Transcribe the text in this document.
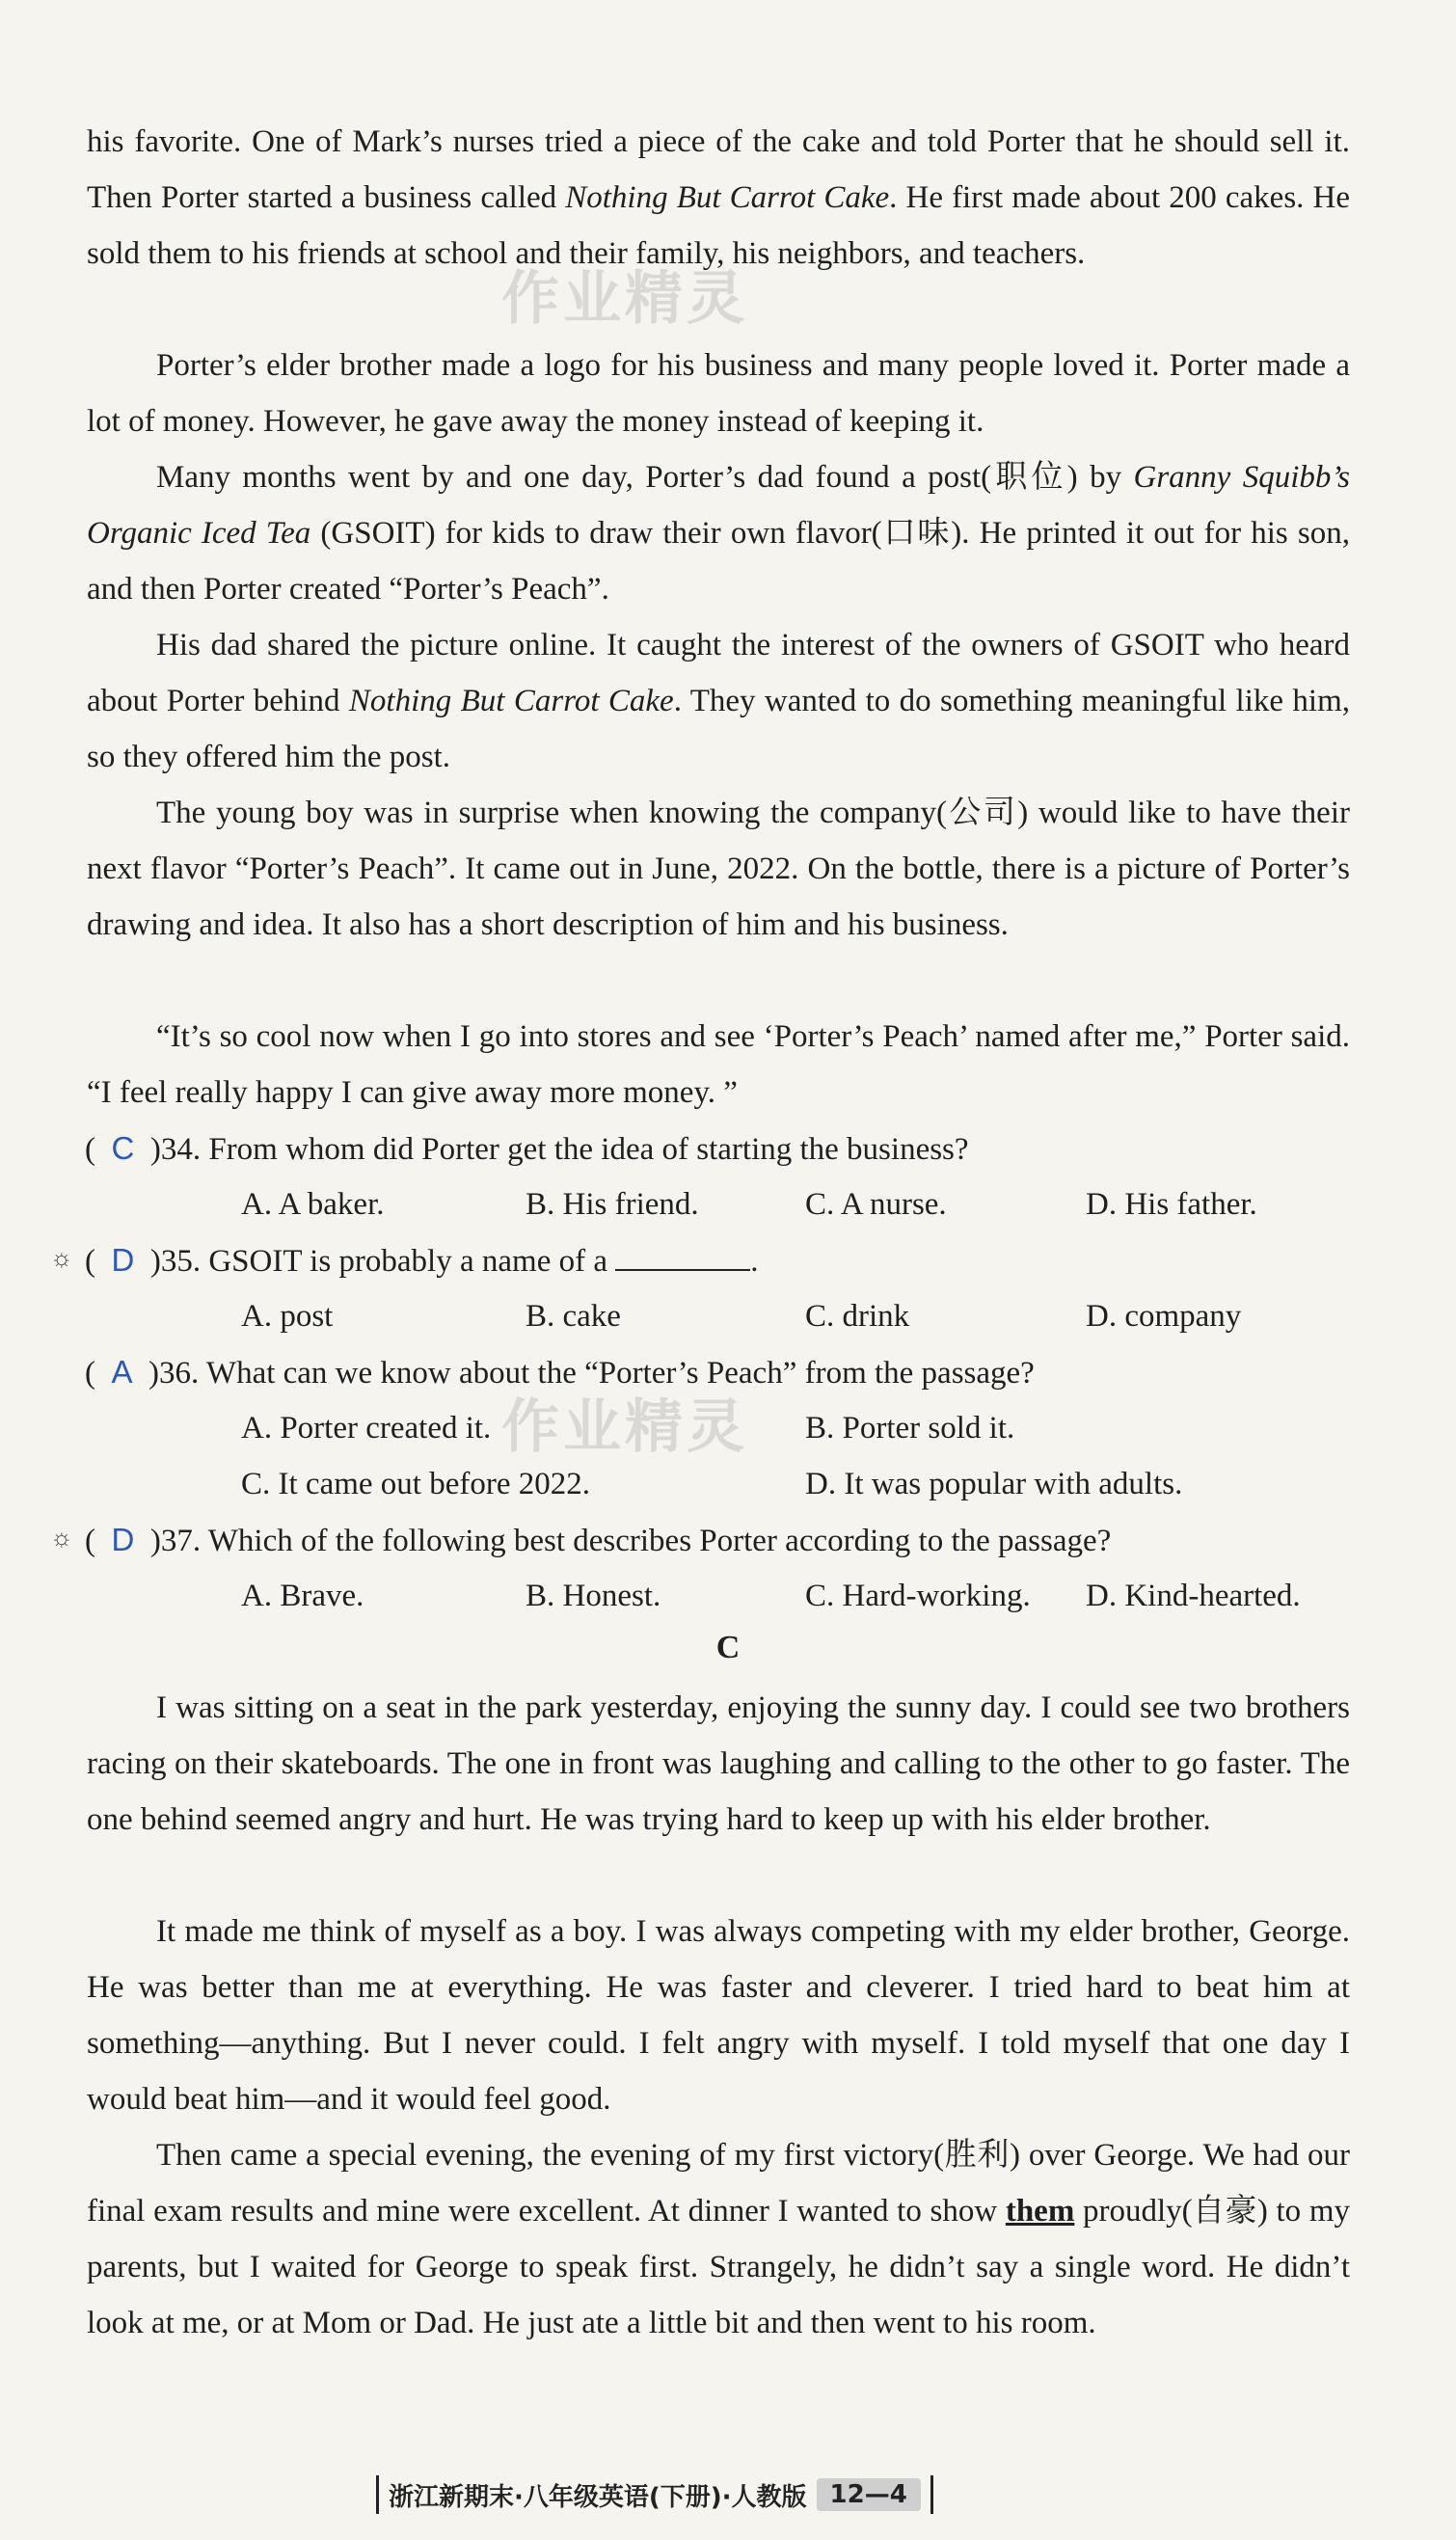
his favorite. One of Mark’s nurses tried a piece of the cake and told Porter that he should sell it. Then Porter started a business called Nothing But Carrot Cake. He first made about 200 cakes. He sold them to his friends at school and their family, his neighbors, and teachers.
Porter’s elder brother made a logo for his business and many people loved it. Porter made a lot of money. However, he gave away the money instead of keeping it.
Many months went by and one day, Porter’s dad found a post(职位) by Granny Squibb’s Organic Iced Tea (GSOIT) for kids to draw their own flavor(口味). He printed it out for his son, and then Porter created “Porter’s Peach”.
His dad shared the picture online. It caught the interest of the owners of GSOIT who heard about Porter behind Nothing But Carrot Cake. They wanted to do something meaningful like him, so they offered him the post.
The young boy was in surprise when knowing the company(公司) would like to have their next flavor “Porter’s Peach”. It came out in June, 2022. On the bottle, there is a picture of Porter’s drawing and idea. It also has a short description of him and his business.
“It’s so cool now when I go into stores and see ‘Porter’s Peach’ named after me,” Porter said. “I feel really happy I can give away more money. ”
( C )34. From whom did Porter get the idea of starting the business?
A. A baker.	B. His friend.	C. A nurse.	D. His father.
☼ ( D )35. GSOIT is probably a name of a	.
A. post	B. cake	C. drink	D. company
( A )36. What can we know about the “Porter’s Peach” from the passage?
A. Porter created it.	B. Porter sold it.
C. It came out before 2022.	D. It was popular with adults.
☼ ( D )37. Which of the following best describes Porter according to the passage?
A. Brave.	B. Honest.	C. Hard-working. D. Kind-hearted.
C
I was sitting on a seat in the park yesterday, enjoying the sunny day. I could see two brothers racing on their skateboards. The one in front was laughing and calling to the other to go faster. The one behind seemed angry and hurt. He was trying hard to keep up with his elder brother.
It made me think of myself as a boy. I was always competing with my elder brother, George. He was better than me at everything. He was faster and cleverer. I tried hard to beat him at something—anything. But I never could. I felt angry with myself. I told myself that one day I would beat him—and it would feel good.
Then came a special evening, the evening of my first victory(胜利) over George. We had our final exam results and mine were excellent. At dinner I wanted to show them proudly(自豪) to my parents, but I waited for George to speak first. Strangely, he didn’t say a single word. He didn’t look at me, or at Mom or Dad. He just ate a little bit and then went to his room.
作业精灵
作业精灵
浙江新期末·八年级英语(下册)·人教版 12—4
